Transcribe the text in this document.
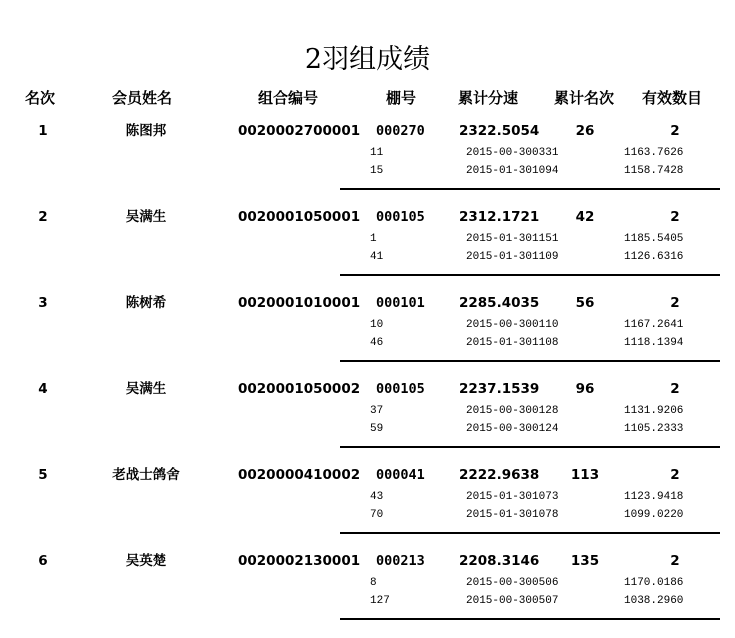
2羽组成绩
名次	会员姓名	组合编号	棚号	累计分速 累计名次 有效数目
1	陈图邦	0020002700001 000270	2322.5054	26	2
11	2015-00-300331	1163.7626
15	2015-01-301094	1158.7428
2	吴满生	0020001050001 000105	2312.1721	42	2
1	2015-01-301151	1185.5405
41	2015-01-301109	1126.6316
3	陈树希	0020001010001 000101	2285.4035	56	2
10	2015-00-300110	1167.2641
46	2015-01-301108	1118.1394
4	吴满生	0020001050002 000105	2237.1539	96	2
37	2015-00-300128	1131.9206
59	2015-00-300124	1105.2333
5	老战士鸽舍	0020000410002 000041	2222.9638 113	2
43	2015-01-301073	1123.9418
70	2015-01-301078	1099.0220
6	吴英楚	0020002130001 000213	2208.3146 135	2
8	2015-00-300506	1170.0186
127	2015-00-300507	1038.2960
